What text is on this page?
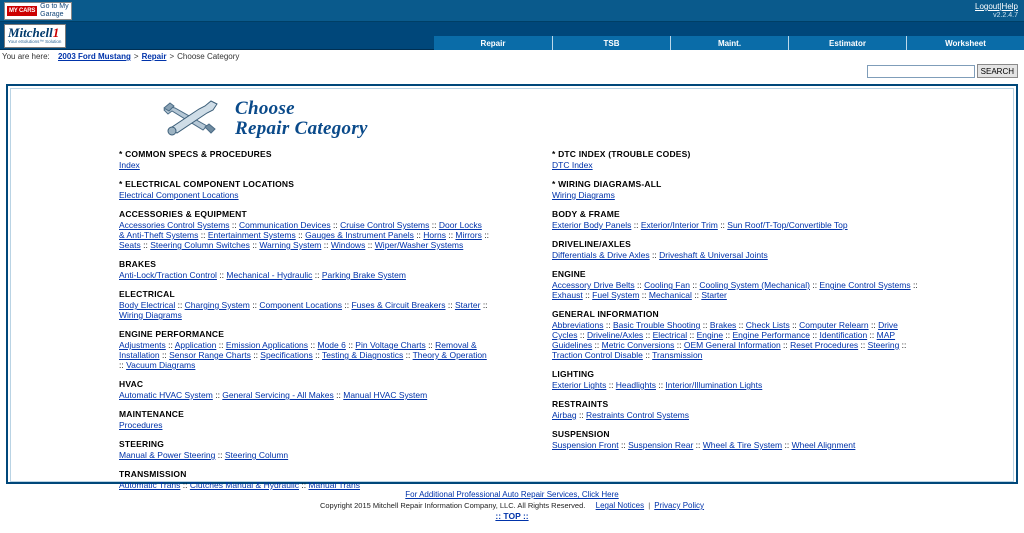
MY CARS
Go to My
Garage
Logout|Help
v2.2.4.7
Mitchell1
Your eSolutions™ Solution	Repair	TSB	Maint.	Estimator	Worksheet
You are here:
2003 Ford Mustang > Repair > Choose Category
SEARCH
Choose
Repair Category
* COMMON SPECS & PROCEDURES
Index
* ELECTRICAL COMPONENT LOCATIONS
Electrical Component Locations
ACCESSORIES & EQUIPMENT
Accessories Control Systems :: Communication Devices :: Cruise Control Systems :: Door Locks & Anti-Theft Systems :: Entertainment Systems :: Gauges & Instrument Panels :: Horns :: Mirrors :: Seats :: Steering Column Switches :: Warning System :: Windows :: Wiper/Washer Systems
BRAKES
Anti-Lock/Traction Control :: Mechanical - Hydraulic :: Parking Brake System
ELECTRICAL
Body Electrical :: Charging System :: Component Locations :: Fuses & Circuit Breakers :: Starter :: Wiring Diagrams
ENGINE PERFORMANCE
Adjustments :: Application :: Emission Applications :: Mode 6 :: Pin Voltage Charts :: Removal & Installation :: Sensor Range Charts :: Specifications :: Testing & Diagnostics :: Theory & Operation :: Vacuum Diagrams
HVAC
Automatic HVAC System :: General Servicing - All Makes :: Manual HVAC System
MAINTENANCE
Procedures
STEERING
Manual & Power Steering :: Steering Column
TRANSMISSION
Automatic Trans :: Clutches Manual & Hydraulic :: Manual Trans
* DTC INDEX (TROUBLE CODES)
DTC Index
* WIRING DIAGRAMS-ALL
Wiring Diagrams
BODY & FRAME
Exterior Body Panels :: Exterior/Interior Trim :: Sun Roof/T-Top/Convertible Top
DRIVELINE/AXLES
Differentials & Drive Axles :: Driveshaft & Universal Joints
ENGINE
Accessory Drive Belts :: Cooling Fan :: Cooling System (Mechanical) :: Engine Control Systems :: Exhaust :: Fuel System :: Mechanical :: Starter
GENERAL INFORMATION
Abbreviations :: Basic Trouble Shooting :: Brakes :: Check Lists :: Computer Relearn :: Drive Cycles :: Driveline/Axles :: Electrical :: Engine :: Engine Performance :: Identification :: MAP Guidelines :: Metric Conversions :: OEM General Information :: Reset Procedures :: Steering :: Traction Control Disable :: Transmission
LIGHTING
Exterior Lights :: Headlights :: Interior/Illumination Lights
RESTRAINTS
Airbag :: Restraints Control Systems
SUSPENSION
Suspension Front :: Suspension Rear :: Wheel & Tire System :: Wheel Alignment
For Additional Professional Auto Repair Services, Click Here
Copyright 2015 Mitchell Repair Information Company, LLC. All Rights Reserved. Legal Notices | Privacy Policy
:: TOP ::
